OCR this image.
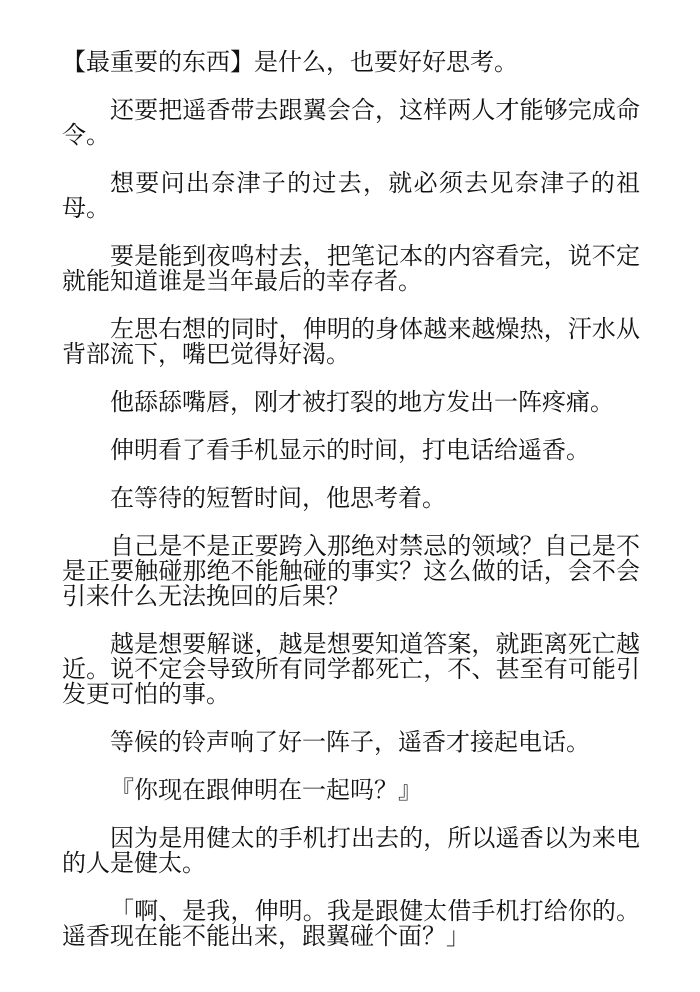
【最重要的东西】是什么，也要好好思考。

还要把遥香带去跟翼会合，这样两人才能够完成命令。

想要问出奈津子的过去，就必须去见奈津子的祖母。

要是能到夜鸣村去，把笔记本的内容看完，说不定就能知道谁是当年最后的幸存者。

左思右想的同时，伸明的身体越来越燥热，汗水从背部流下，嘴巴觉得好渴。

他舔舔嘴唇，刚才被打裂的地方发出一阵疼痛。

伸明看了看手机显示的时间，打电话给遥香。

在等待的短暂时间，他思考着。

自己是不是正要跨入那绝对禁忌的领域？自己是不是正要触碰那绝不能触碰的事实？这么做的话，会不会引来什么无法挽回的后果？

越是想要解谜，越是想要知道答案，就距离死亡越近。说不定会导致所有同学都死亡，不、甚至有可能引发更可怕的事。

等候的铃声响了好一阵子，遥香才接起电话。

『你现在跟伸明在一起吗？』

因为是用健太的手机打出去的，所以遥香以为来电的人是健太。

「啊、是我，伸明。我是跟健太借手机打给你的。遥香现在能不能出来，跟翼碰个面？」
